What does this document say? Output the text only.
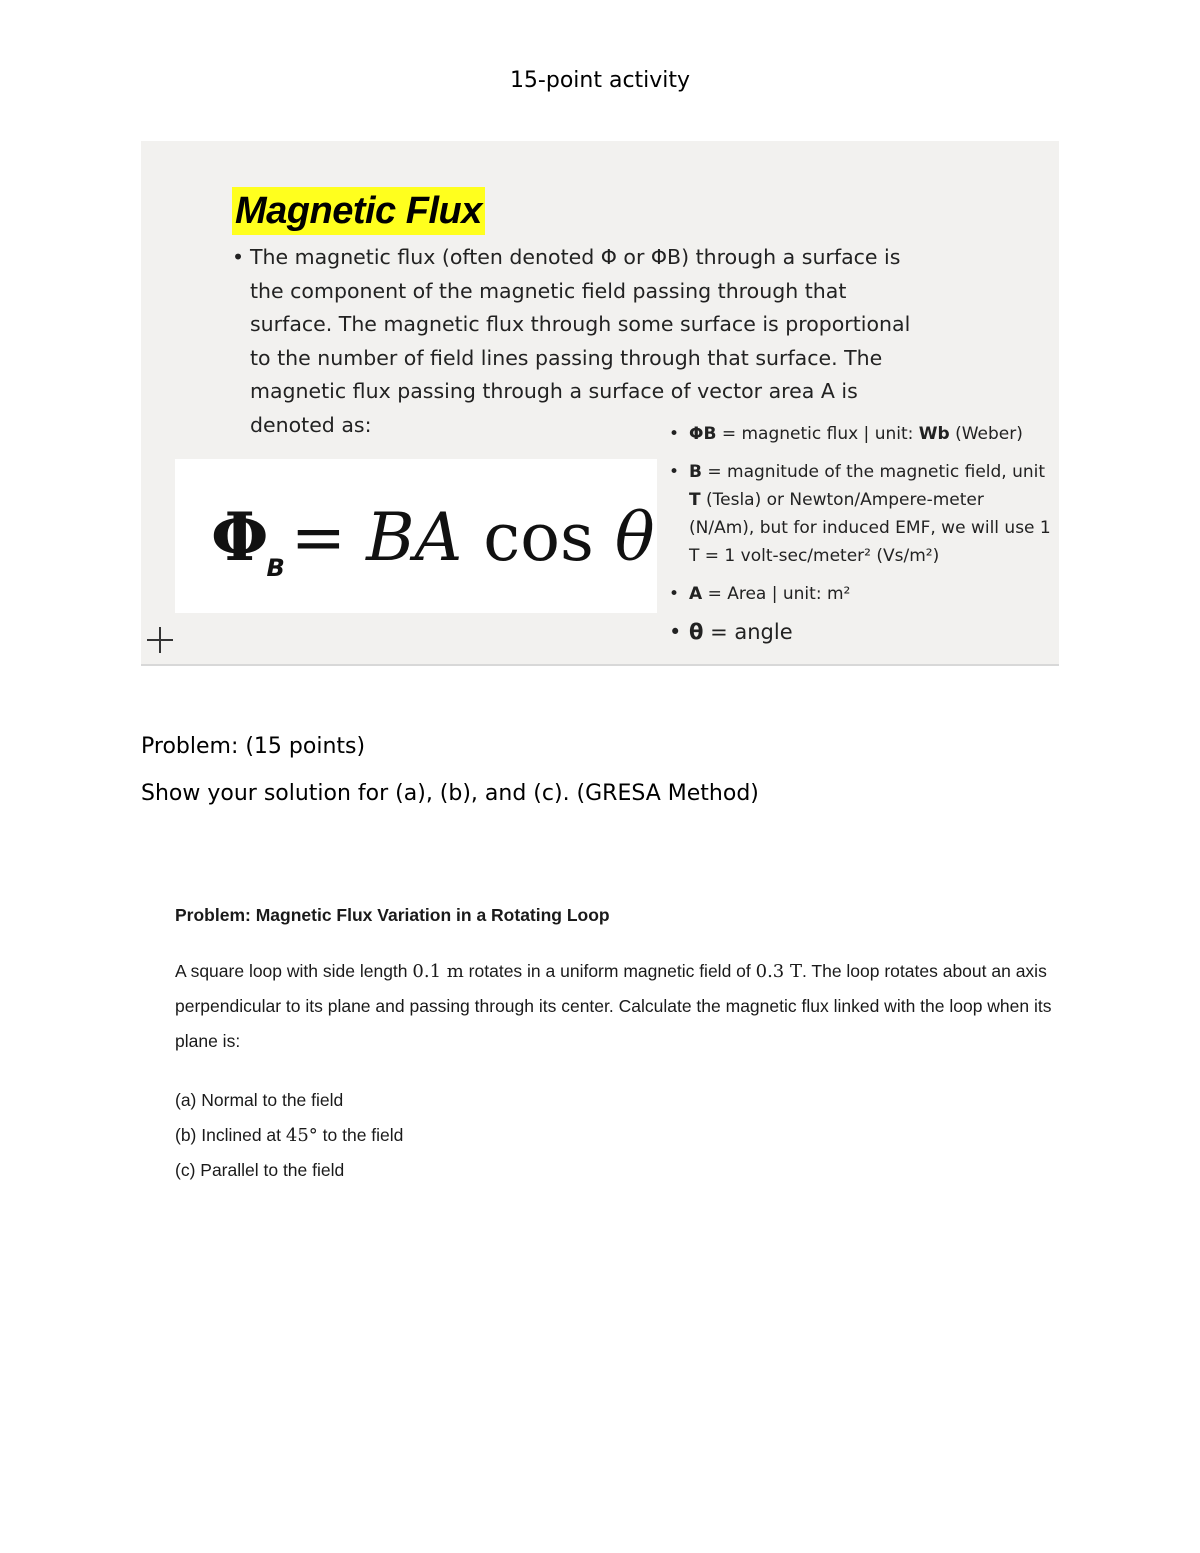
15-point activity
Magnetic Flux
• The magnetic flux (often denoted Φ or ΦB) through a surface is the component of the magnetic field passing through that surface. The magnetic flux through some surface is proportional to the number of field lines passing through that surface. The magnetic flux passing through a surface of vector area A is denoted as:
$\Phi_B=$ BA cos θ
• ΦB = magnetic flux | unit: Wb (Weber)
• B = magnitude of the magnetic field, unit T (Tesla) or Newton/Ampere-meter (N/Am), but for induced EMF, we will use 1 T = 1 volt-sec/meter² (Vs/m²)
• A = Area | unit: m²
• θ = angle
Problem: (15 points)
Show your solution for (a), (b), and (c). (GRESA Method)
Problem: Magnetic Flux Variation in a Rotating Loop
A square loop with side length 0.1 m rotates in a uniform magnetic field of 0.3 T. The loop rotates about an axis perpendicular to its plane and passing through its center. Calculate the magnetic flux linked with the loop when its plane is:
(a) Normal to the field
(b) Inclined at 45° to the field
(c) Parallel to the field
